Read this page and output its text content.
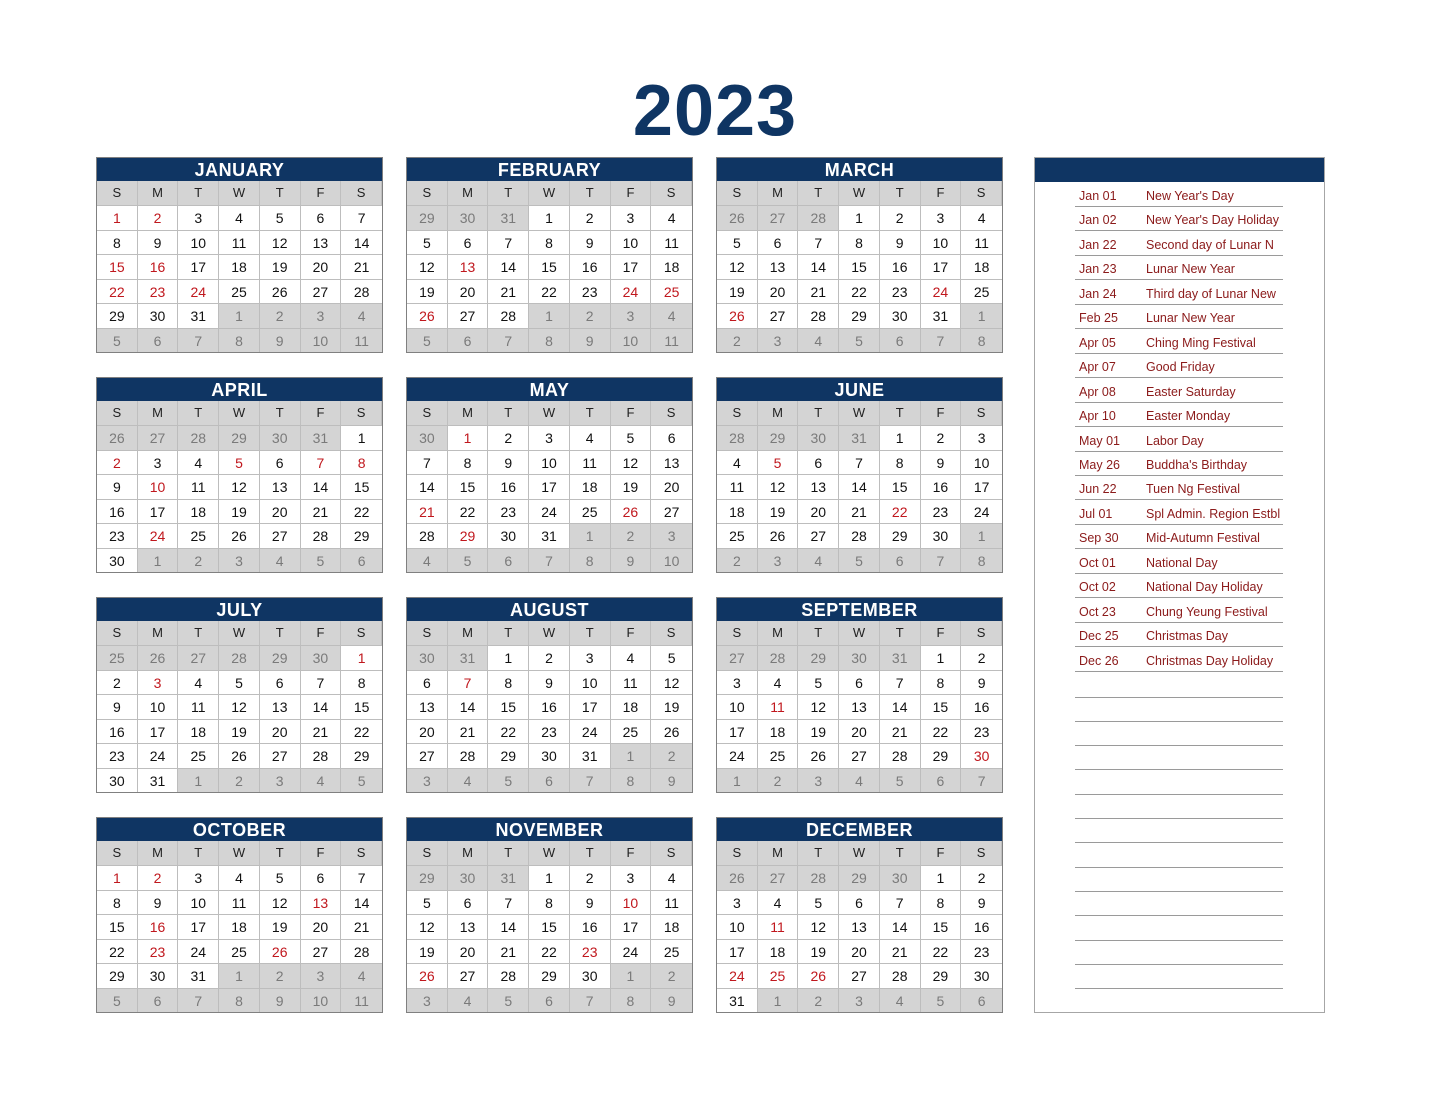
2023
JANUARY
S	M	T	W	T	F	S
1	2	3	4	5	6	7
8	9	10	11	12	13	14
15	16	17	18	19	20	21
22	23	24	25	26	27	28
29	30	31	1	2	3	4
5	6	7	8	9	10	11
FEBRUARY
S	M	T	W	T	F	S
29	30	31	1	2	3	4
5	6	7	8	9	10	11
12	13	14	15	16	17	18
19	20	21	22	23	24	25
26	27	28	1	2	3	4
5	6	7	8	9	10	11
MARCH
S	M	T	W	T	F	S
26	27	28	1	2	3	4
5	6	7	8	9	10	11
12	13	14	15	16	17	18
19	20	21	22	23	24	25
26	27	28	29	30	31	1
2	3	4	5	6	7	8
APRIL
S	M	T	W	T	F	S
26	27	28	29	30	31	1
2	3	4	5	6	7	8
9	10	11	12	13	14	15
16	17	18	19	20	21	22
23	24	25	26	27	28	29
30	1	2	3	4	5	6
MAY
S	M	T	W	T	F	S
30	1	2	3	4	5	6
7	8	9	10	11	12	13
14	15	16	17	18	19	20
21	22	23	24	25	26	27
28	29	30	31	1	2	3
4	5	6	7	8	9	10
JUNE
S	M	T	W	T	F	S
28	29	30	31	1	2	3
4	5	6	7	8	9	10
11	12	13	14	15	16	17
18	19	20	21	22	23	24
25	26	27	28	29	30	1
2	3	4	5	6	7	8
JULY
S	M	T	W	T	F	S
25	26	27	28	29	30	1
2	3	4	5	6	7	8
9	10	11	12	13	14	15
16	17	18	19	20	21	22
23	24	25	26	27	28	29
30	31	1	2	3	4	5
AUGUST
S	M	T	W	T	F	S
30	31	1	2	3	4	5
6	7	8	9	10	11	12
13	14	15	16	17	18	19
20	21	22	23	24	25	26
27	28	29	30	31	1	2
3	4	5	6	7	8	9
SEPTEMBER
S	M	T	W	T	F	S
27	28	29	30	31	1	2
3	4	5	6	7	8	9
10	11	12	13	14	15	16
17	18	19	20	21	22	23
24	25	26	27	28	29	30
1	2	3	4	5	6	7
OCTOBER
S	M	T	W	T	F	S
1	2	3	4	5	6	7
8	9	10	11	12	13	14
15	16	17	18	19	20	21
22	23	24	25	26	27	28
29	30	31	1	2	3	4
5	6	7	8	9	10	11
NOVEMBER
S	M	T	W	T	F	S
29	30	31	1	2	3	4
5	6	7	8	9	10	11
12	13	14	15	16	17	18
19	20	21	22	23	24	25
26	27	28	29	30	1	2
3	4	5	6	7	8	9
DECEMBER
S	M	T	W	T	F	S
26	27	28	29	30	1	2
3	4	5	6	7	8	9
10	11	12	13	14	15	16
17	18	19	20	21	22	23
24	25	26	27	28	29	30
31	1	2	3	4	5	6
Jan 01	New Year's Day
Jan 02	New Year's Day Holiday
Jan 22	Second day of Lunar N
Jan 23	Lunar New Year
Jan 24	Third day of Lunar New
Feb 25	Lunar New Year
Apr 05	Ching Ming Festival
Apr 07	Good Friday
Apr 08	Easter Saturday
Apr 10	Easter Monday
May 01	Labor Day
May 26	Buddha's Birthday
Jun 22	Tuen Ng Festival
Jul 01	Spl Admin. Region Estbl
Sep 30	Mid-Autumn Festival
Oct 01	National Day
Oct 02	National Day Holiday
Oct 23	Chung Yeung Festival
Dec 25	Christmas Day
Dec 26	Christmas Day Holiday
